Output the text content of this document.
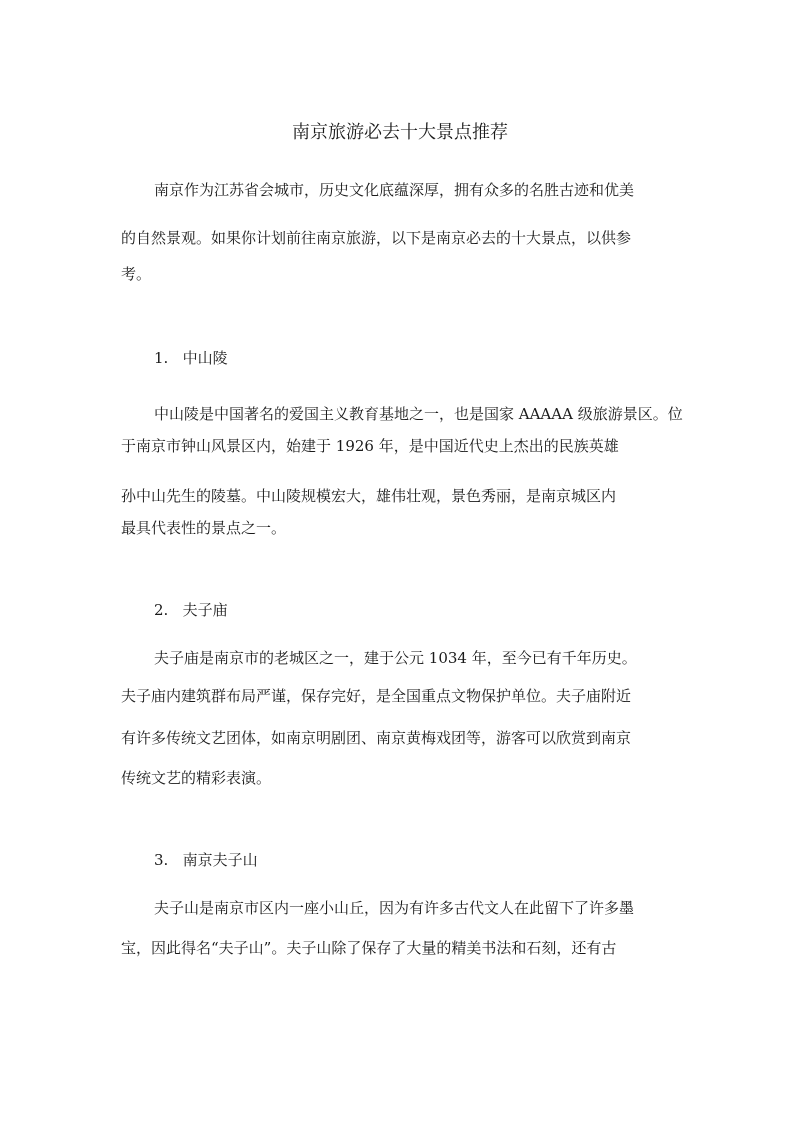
南京旅游必去十大景点推荐
南京作为江苏省会城市，历史文化底蕴深厚，拥有众多的名胜古迹和优美
的自然景观。如果你计划前往南京旅游，以下是南京必去的十大景点，以供参
考。
1.   中山陵
中山陵是中国著名的爱国主义教育基地之一，也是国家 AAAAA 级旅游景区。位
于南京市钟山风景区内，始建于 1926 年，是中国近代史上杰出的民族英雄
孙中山先生的陵墓。中山陵规模宏大，雄伟壮观，景色秀丽，是南京城区内
最具代表性的景点之一。
2.   夫子庙
夫子庙是南京市的老城区之一，建于公元 1034 年，至今已有千年历史。
夫子庙内建筑群布局严谨，保存完好，是全国重点文物保护单位。夫子庙附近
有许多传统文艺团体，如南京明剧团、南京黄梅戏团等，游客可以欣赏到南京
传统文艺的精彩表演。
3.   南京夫子山
夫子山是南京市区内一座小山丘，因为有许多古代文人在此留下了许多墨
宝，因此得名“夫子山”。夫子山除了保存了大量的精美书法和石刻，还有古
